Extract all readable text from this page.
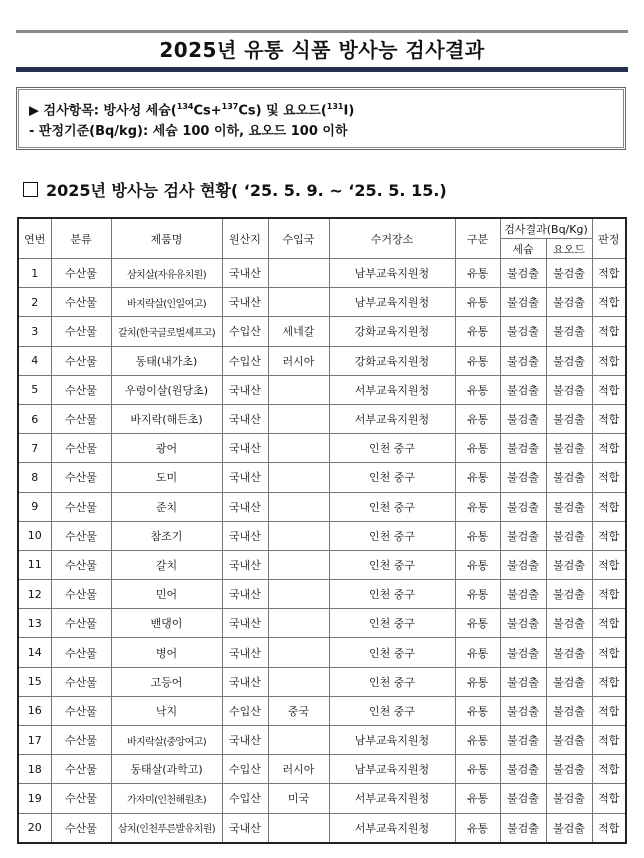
2025년 유통 식품 방사능 검사결과
▶ 검사항목: 방사성 세슘($^{134}$Cs+$^{137}$Cs) 및 요오드($^{131}$I)
- 판정기준(Bq/kg): 세슘 100 이하, 요오드 100 이하
2025년 방사능 검사 현황( ‘25. 5. 9. ~ ‘25. 5. 15.)
연번	분류	제품명	원산지	수입국	수거장소	구분	검사결과(Bq/Kg)		판정
							세슘	요오드	
1	수산물	삼치살(자유유치원)	국내산		남부교육지원청	유통	불검출	불검출	적합
2	수산물	바지락살(인일여고)	국내산		남부교육지원청	유통	불검출	불검출	적합
3	수산물	갈치(한국글로벌셰프고)	수입산	세네갈	강화교육지원청	유통	불검출	불검출	적합
4	수산물	동태(내가초)	수입산	러시아	강화교육지원청	유통	불검출	불검출	적합
5	수산물	우렁이살(원당초)	국내산		서부교육지원청	유통	불검출	불검출	적합
6	수산물	바지락(해든초)	국내산		서부교육지원청	유통	불검출	불검출	적합
7	수산물	광어	국내산		인천 중구	유통	불검출	불검출	적합
8	수산물	도미	국내산		인천 중구	유통	불검출	불검출	적합
9	수산물	준치	국내산		인천 중구	유통	불검출	불검출	적합
10	수산물	참조기	국내산		인천 중구	유통	불검출	불검출	적합
11	수산물	갈치	국내산		인천 중구	유통	불검출	불검출	적합
12	수산물	민어	국내산		인천 중구	유통	불검출	불검출	적합
13	수산물	밴댕이	국내산		인천 중구	유통	불검출	불검출	적합
14	수산물	병어	국내산		인천 중구	유통	불검출	불검출	적합
15	수산물	고등어	국내산		인천 중구	유통	불검출	불검출	적합
16	수산물	낙지	수입산	중국	인천 중구	유통	불검출	불검출	적합
17	수산물	바지락살(중앙여고)	국내산		남부교육지원청	유통	불검출	불검출	적합
18	수산물	동태살(과학고)	수입산	러시아	남부교육지원청	유통	불검출	불검출	적합
19	수산물	가자미(인천해원초)	수입산	미국	서부교육지원청	유통	불검출	불검출	적합
20	수산물	삼치(인천푸른발유치원)	국내산		서부교육지원청	유통	불검출	불검출	적합
